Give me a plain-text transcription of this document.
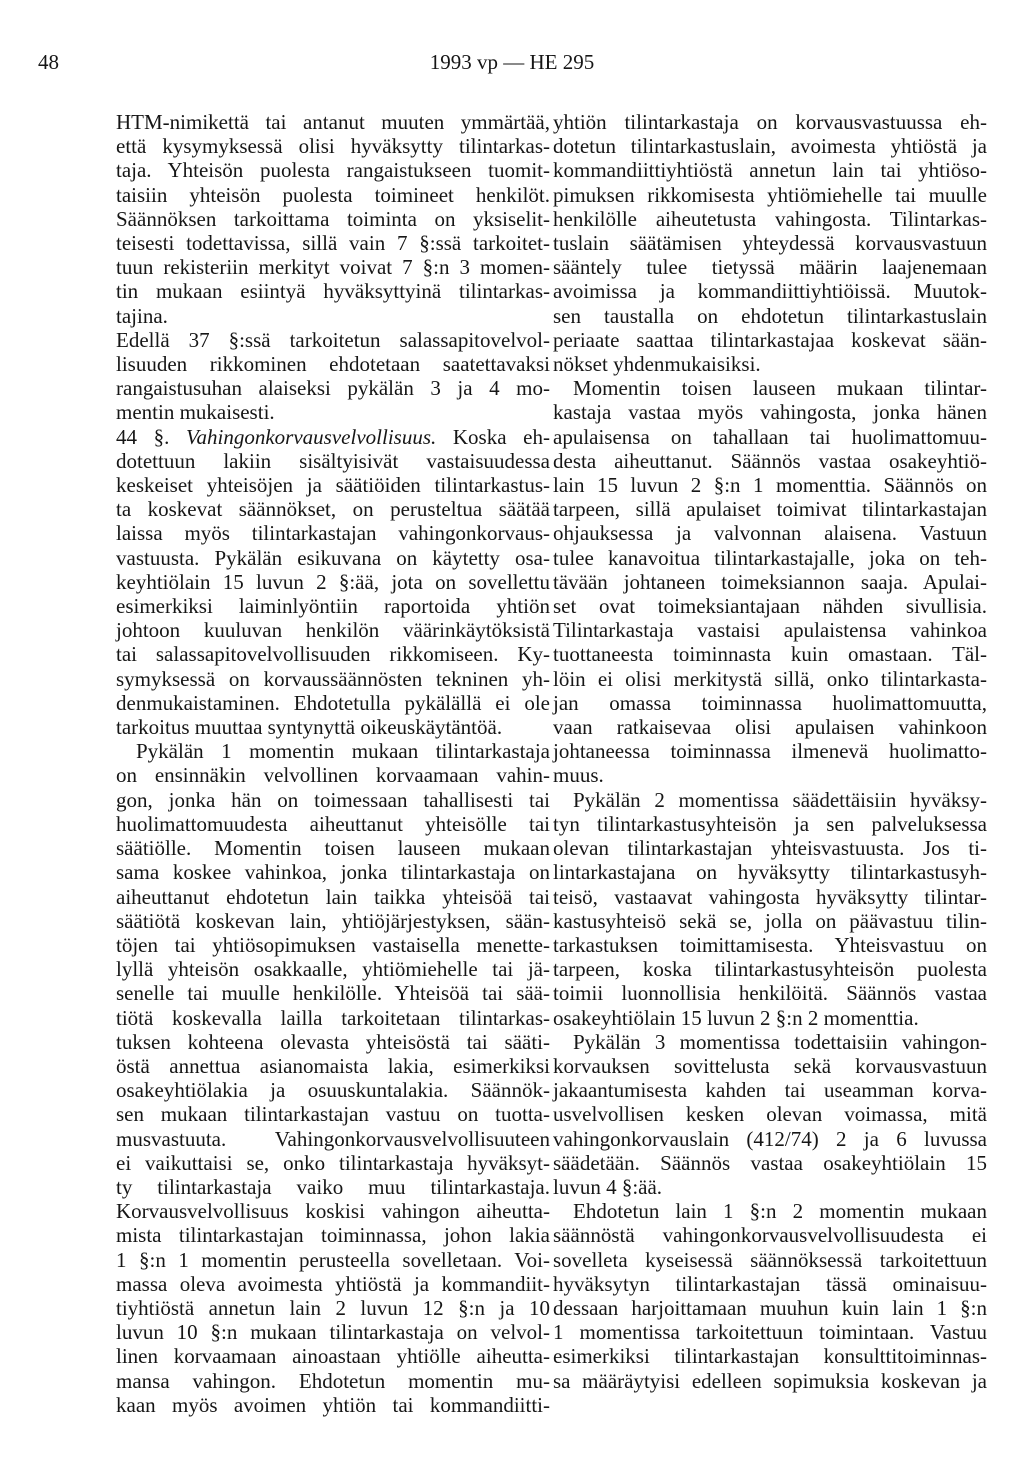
48	1993 vp — HE 295

HTM-nimikettä tai antanut muuten ymmärtää,
että kysymyksessä olisi hyväksytty tilintarkas-
taja. Yhteisön puolesta rangaistukseen tuomit-
taisiin yhteisön puolesta toimineet henkilöt.

Säännöksen tarkoittama toiminta on yksiselit-
teisesti todettavissa, sillä vain 7 §:ssä tarkoitet-
tuun rekisteriin merkityt voivat 7 §:n 3 momen-
tin mukaan esiintyä hyväksyttyinä tilintarkas-
tajina.

Edellä 37 §:ssä tarkoitetun salassapitovelvol-
lisuuden rikkominen ehdotetaan saatettavaksi
rangaistusuhan alaiseksi pykälän 3 ja 4 mo-
mentin mukaisesti.

44 §. Vahingonkorvausvelvollisuus. Koska eh-
dotettuun lakiin sisältyisivät vastaisuudessa
keskeiset yhteisöjen ja säätiöiden tilintarkastus-
ta koskevat säännökset, on perusteltua säätää
laissa myös tilintarkastajan vahingonkorvaus-
vastuusta. Pykälän esikuvana on käytetty osa-
keyhtiölain 15 luvun 2 §:ää, jota on sovellettu
esimerkiksi laiminlyöntiin raportoida yhtiön
johtoon kuuluvan henkilön väärinkäytöksistä
tai salassapitovelvollisuuden rikkomiseen. Ky-
symyksessä on korvaussäännösten tekninen yh-
denmukaistaminen. Ehdotetulla pykälällä ei ole
tarkoitus muuttaa syntynyttä oikeuskäytäntöä.

Pykälän 1 momentin mukaan tilintarkastaja
on ensinnäkin velvollinen korvaamaan vahin-
gon, jonka hän on toimessaan tahallisesti tai
huolimattomuudesta aiheuttanut yhteisölle tai
säätiölle. Momentin toisen lauseen mukaan
sama koskee vahinkoa, jonka tilintarkastaja on
aiheuttanut ehdotetun lain taikka yhteisöä tai
säätiötä koskevan lain, yhtiöjärjestyksen, sään-
töjen tai yhtiösopimuksen vastaisella menette-
lyllä yhteisön osakkaalle, yhtiömiehelle tai jä-
senelle tai muulle henkilölle. Yhteisöä tai sää-
tiötä koskevalla lailla tarkoitetaan tilintarkas-
tuksen kohteena olevasta yhteisöstä tai sääti-
östä annettua asianomaista lakia, esimerkiksi
osakeyhtiölakia ja osuuskuntalakia. Säännök-
sen mukaan tilintarkastajan vastuu on tuotta-
musvastuuta. Vahingonkorvausvelvollisuuteen
ei vaikuttaisi se, onko tilintarkastaja hyväksyt-
ty tilintarkastaja vaiko muu tilintarkastaja.
Korvausvelvollisuus koskisi vahingon aiheutta-
mista tilintarkastajan toiminnassa, johon lakia
1 §:n 1 momentin perusteella sovelletaan. Voi-
massa oleva avoimesta yhtiöstä ja kommandiit-
tiyhtiöstä annetun lain 2 luvun 12 §:n ja 10
luvun 10 §:n mukaan tilintarkastaja on velvol-
linen korvaamaan ainoastaan yhtiölle aiheutta-
mansa vahingon. Ehdotetun momentin mu-
kaan myös avoimen yhtiön tai kommandiitti-

yhtiön tilintarkastaja on korvausvastuussa eh-
dotetun tilintarkastuslain, avoimesta yhtiöstä ja
kommandiittiyhtiöstä annetun lain tai yhtiöso-
pimuksen rikkomisesta yhtiömiehelle tai muulle
henkilölle aiheutetusta vahingosta. Tilintarkas-
tuslain säätämisen yhteydessä korvausvastuun
sääntely tulee tietyssä määrin laajenemaan
avoimissa ja kommandiittiyhtiöissä. Muutok-
sen taustalla on ehdotetun tilintarkastuslain
periaate saattaa tilintarkastajaa koskevat sään-
nökset yhdenmukaisiksi.

Momentin toisen lauseen mukaan tilintar-
kastaja vastaa myös vahingosta, jonka hänen
apulaisensa on tahallaan tai huolimattomuu-
desta aiheuttanut. Säännös vastaa osakeyhtiö-
lain 15 luvun 2 §:n 1 momenttia. Säännös on
tarpeen, sillä apulaiset toimivat tilintarkastajan
ohjauksessa ja valvonnan alaisena. Vastuun
tulee kanavoitua tilintarkastajalle, joka on teh-
tävään johtaneen toimeksiannon saaja. Apulai-
set ovat toimeksiantajaan nähden sivullisia.
Tilintarkastaja vastaisi apulaistensa vahinkoa
tuottaneesta toiminnasta kuin omastaan. Täl-
löin ei olisi merkitystä sillä, onko tilintarkasta-
jan omassa toiminnassa huolimattomuutta,
vaan ratkaisevaa olisi apulaisen vahinkoon
johtaneessa toiminnassa ilmenevä huolimatto-
muus.

Pykälän 2 momentissa säädettäisiin hyväksy-
tyn tilintarkastusyhteisön ja sen palveluksessa
olevan tilintarkastajan yhteisvastuusta. Jos ti-
lintarkastajana on hyväksytty tilintarkastusyh-
teisö, vastaavat vahingosta hyväksytty tilintar-
kastusyhteisö sekä se, jolla on päävastuu tilin-
tarkastuksen toimittamisesta. Yhteisvastuu on
tarpeen, koska tilintarkastusyhteisön puolesta
toimii luonnollisia henkilöitä. Säännös vastaa
osakeyhtiölain 15 luvun 2 §:n 2 momenttia.

Pykälän 3 momentissa todettaisiin vahingon-
korvauksen sovittelusta sekä korvausvastuun
jakaantumisesta kahden tai useamman korva-
usvelvollisen kesken olevan voimassa, mitä
vahingonkorvauslain (412/74) 2 ja 6 luvussa
säädetään. Säännös vastaa osakeyhtiölain 15
luvun 4 §:ää.

Ehdotetun lain 1 §:n 2 momentin mukaan
säännöstä vahingonkorvausvelvollisuudesta ei
sovelleta kyseisessä säännöksessä tarkoitettuun
hyväksytyn tilintarkastajan tässä ominaisuu-
dessaan harjoittamaan muuhun kuin lain 1 §:n
1 momentissa tarkoitettuun toimintaan. Vastuu
esimerkiksi tilintarkastajan konsulttitoiminnas-
sa määräytyisi edelleen sopimuksia koskevan ja
